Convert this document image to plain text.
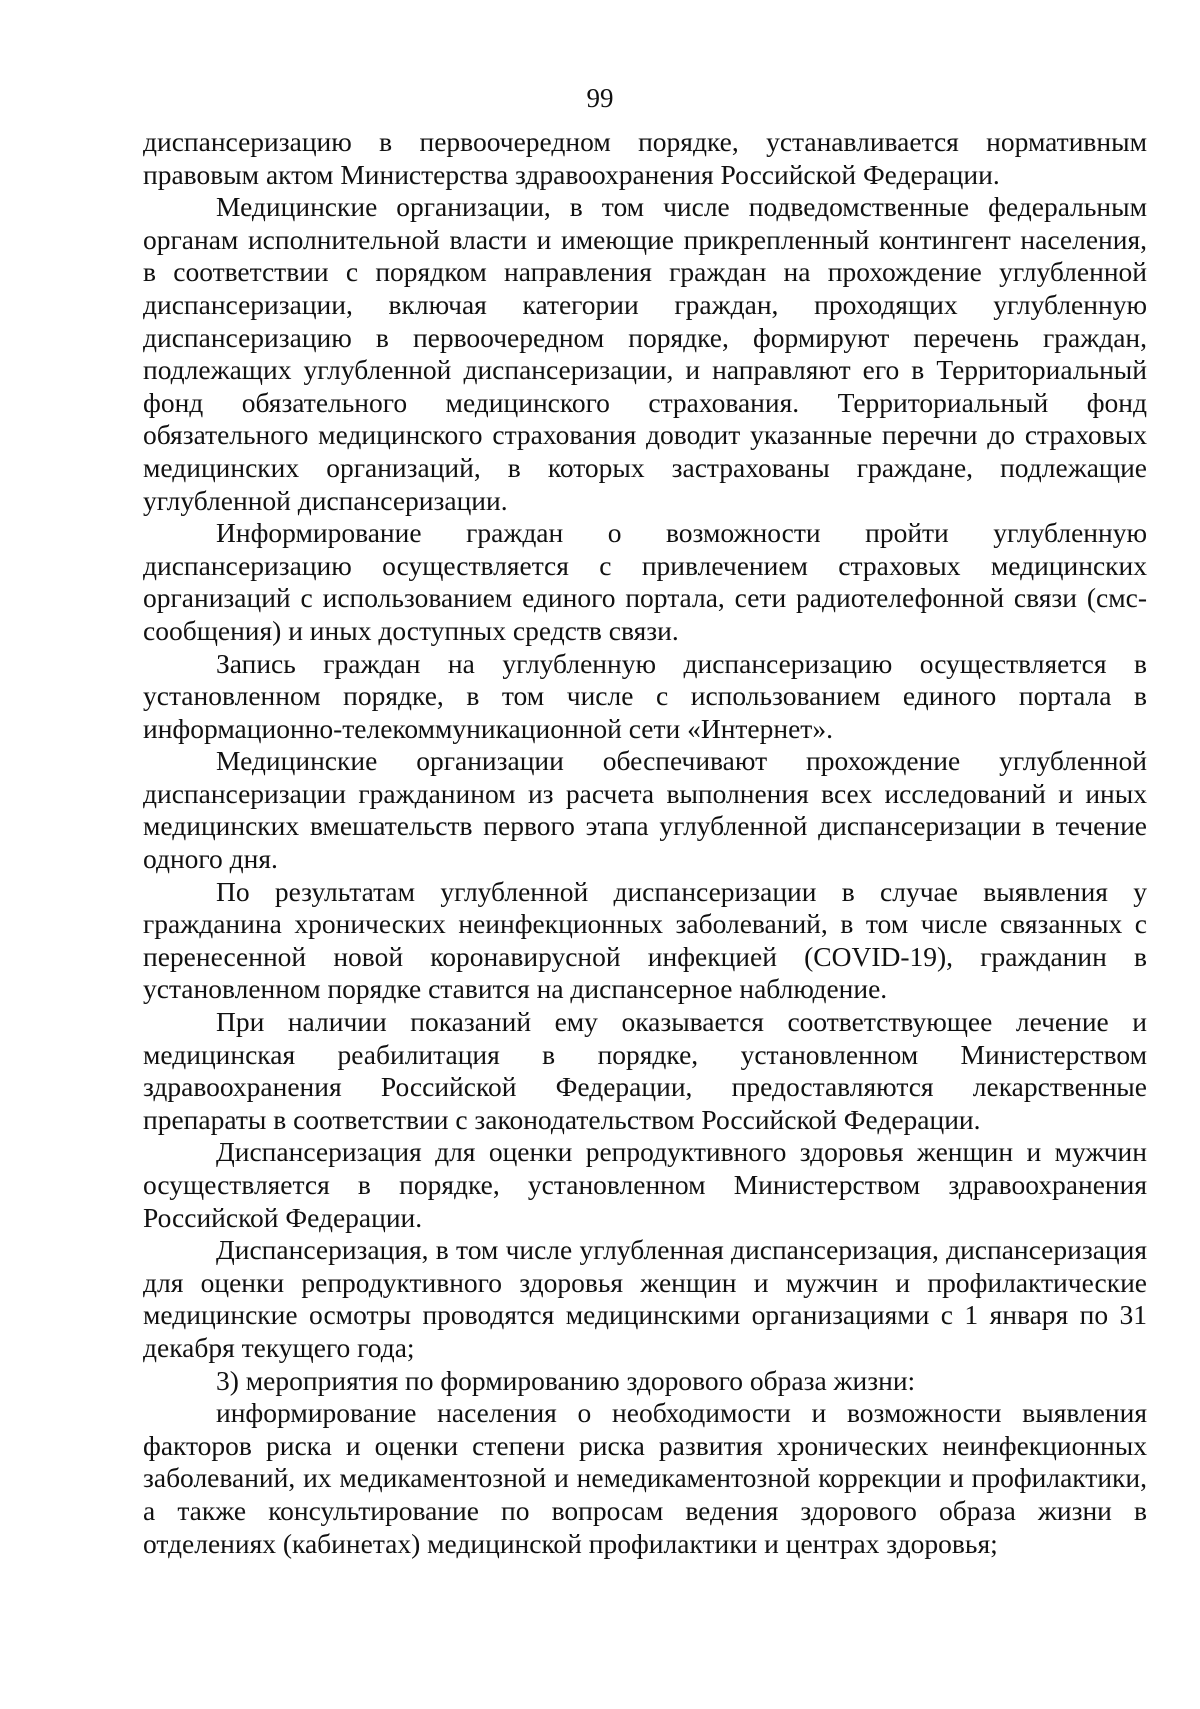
99

диспансеризацию в первоочередном порядке, устанавливается нормативным правовым актом Министерства здравоохранения Российской Федерации.

Медицинские организации, в том числе подведомственные федеральным органам исполнительной власти и имеющие прикрепленный контингент населения, в соответствии с порядком направления граждан на прохождение углубленной диспансеризации, включая категории граждан, проходящих углубленную диспансеризацию в первоочередном порядке, формируют перечень граждан, подлежащих углубленной диспансеризации, и направляют его в Территориальный фонд обязательного медицинского страхования. Территориальный фонд обязательного медицинского страхования доводит указанные перечни до страховых медицинских организаций, в которых застрахованы граждане, подлежащие углубленной диспансеризации.

Информирование граждан о возможности пройти углубленную диспансеризацию осуществляется с привлечением страховых медицинских организаций с использованием единого портала, сети радиотелефонной связи (смс-сообщения) и иных доступных средств связи.

Запись граждан на углубленную диспансеризацию осуществляется в установленном порядке, в том числе с использованием единого портала в информационно-телекоммуникационной сети «Интернет».

Медицинские организации обеспечивают прохождение углубленной диспансеризации гражданином из расчета выполнения всех исследований и иных медицинских вмешательств первого этапа углубленной диспансеризации в течение одного дня.

По результатам углубленной диспансеризации в случае выявления у гражданина хронических неинфекционных заболеваний, в том числе связанных с перенесенной новой коронавирусной инфекцией (COVID-19), гражданин в установленном порядке ставится на диспансерное наблюдение.

При наличии показаний ему оказывается соответствующее лечение и медицинская реабилитация в порядке, установленном Министерством здравоохранения Российской Федерации, предоставляются лекарственные препараты в соответствии с законодательством Российской Федерации.

Диспансеризация для оценки репродуктивного здоровья женщин и мужчин осуществляется в порядке, установленном Министерством здравоохранения Российской Федерации.

Диспансеризация, в том числе углубленная диспансеризация, диспансеризация для оценки репродуктивного здоровья женщин и мужчин и профилактические медицинские осмотры проводятся медицинскими организациями с 1 января по 31 декабря текущего года;

3) мероприятия по формированию здорового образа жизни:

информирование населения о необходимости и возможности выявления факторов риска и оценки степени риска развития хронических неинфекционных заболеваний, их медикаментозной и немедикаментозной коррекции и профилактики, а также консультирование по вопросам ведения здорового образа жизни в отделениях (кабинетах) медицинской профилактики и центрах здоровья;
